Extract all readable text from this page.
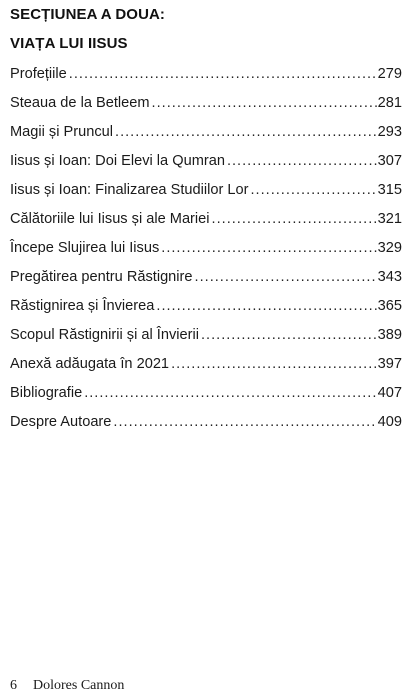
SECȚIUNEA A DOUA:
VIAȚA LUI IISUS
Profețiile .....	279
Steaua de la Betleem .....	281
Magii și Pruncul .....	293
Iisus și Ioan: Doi Elevi la Qumran .....	307
Iisus și Ioan: Finalizarea Studiilor Lor .....	315
Călătoriile lui Iisus și ale Mariei .....	321
Începe Slujirea lui Iisus .....	329
Pregătirea pentru Răstignire .....	343
Răstignirea și Învierea .....	365
Scopul Răstignirii și al Învierii .....	389
Anexă adăugata în 2021 .....	397
Bibliografie .....	407
Despre Autoare .....	409
6 Dolores Cannon
